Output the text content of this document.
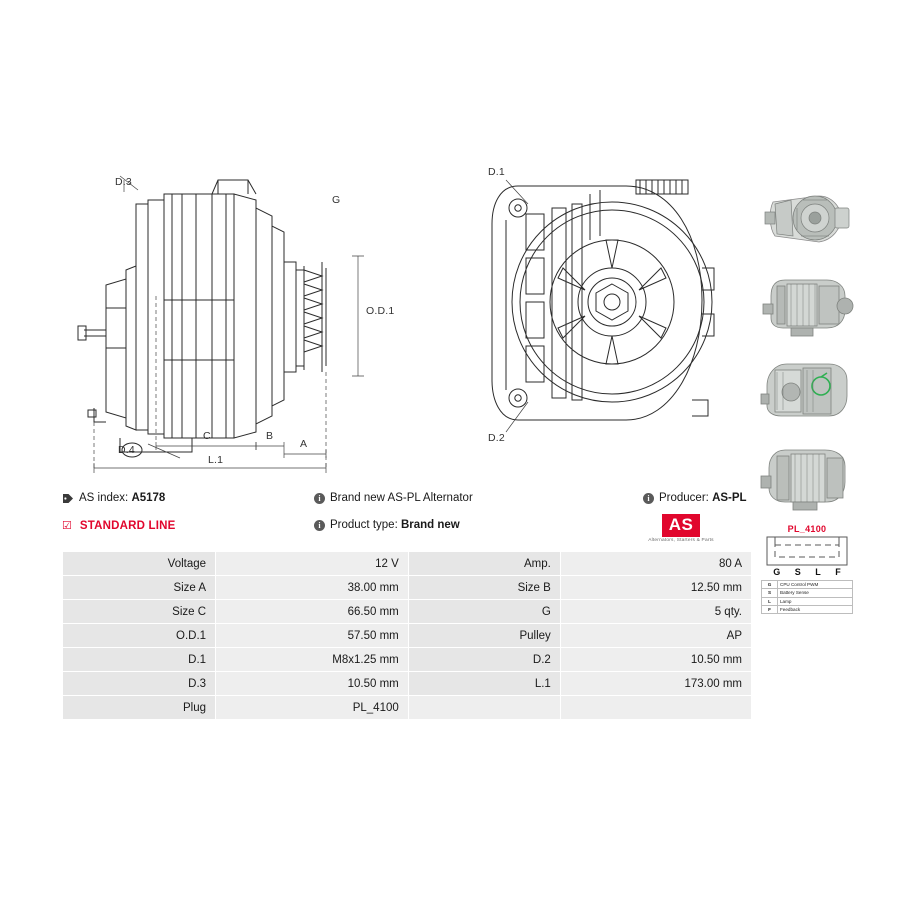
D.3
G
O.D.1
C	B
A
D.4
L.1
D.1
D.2
PL_4100
G S L F
G	CPU Control PWM
S	Battery Sense
L	Lamp
F	Feedback
AS index: A5178	i Brand new AS-PL Alternator	i Producer: AS-PL
☑ STANDARD LINE	i Product type: Brand new	AS
Alternators, Starters & Parts
Voltage	12 V	Amp.	80 A
Size A	38.00 mm	Size B	12.50 mm
Size C	66.50 mm	G	5 qty.
O.D.1	57.50 mm	Pulley	AP
D.1	M8x1.25 mm	D.2	10.50 mm
D.3	10.50 mm	L.1	173.00 mm
Plug	PL_4100		
